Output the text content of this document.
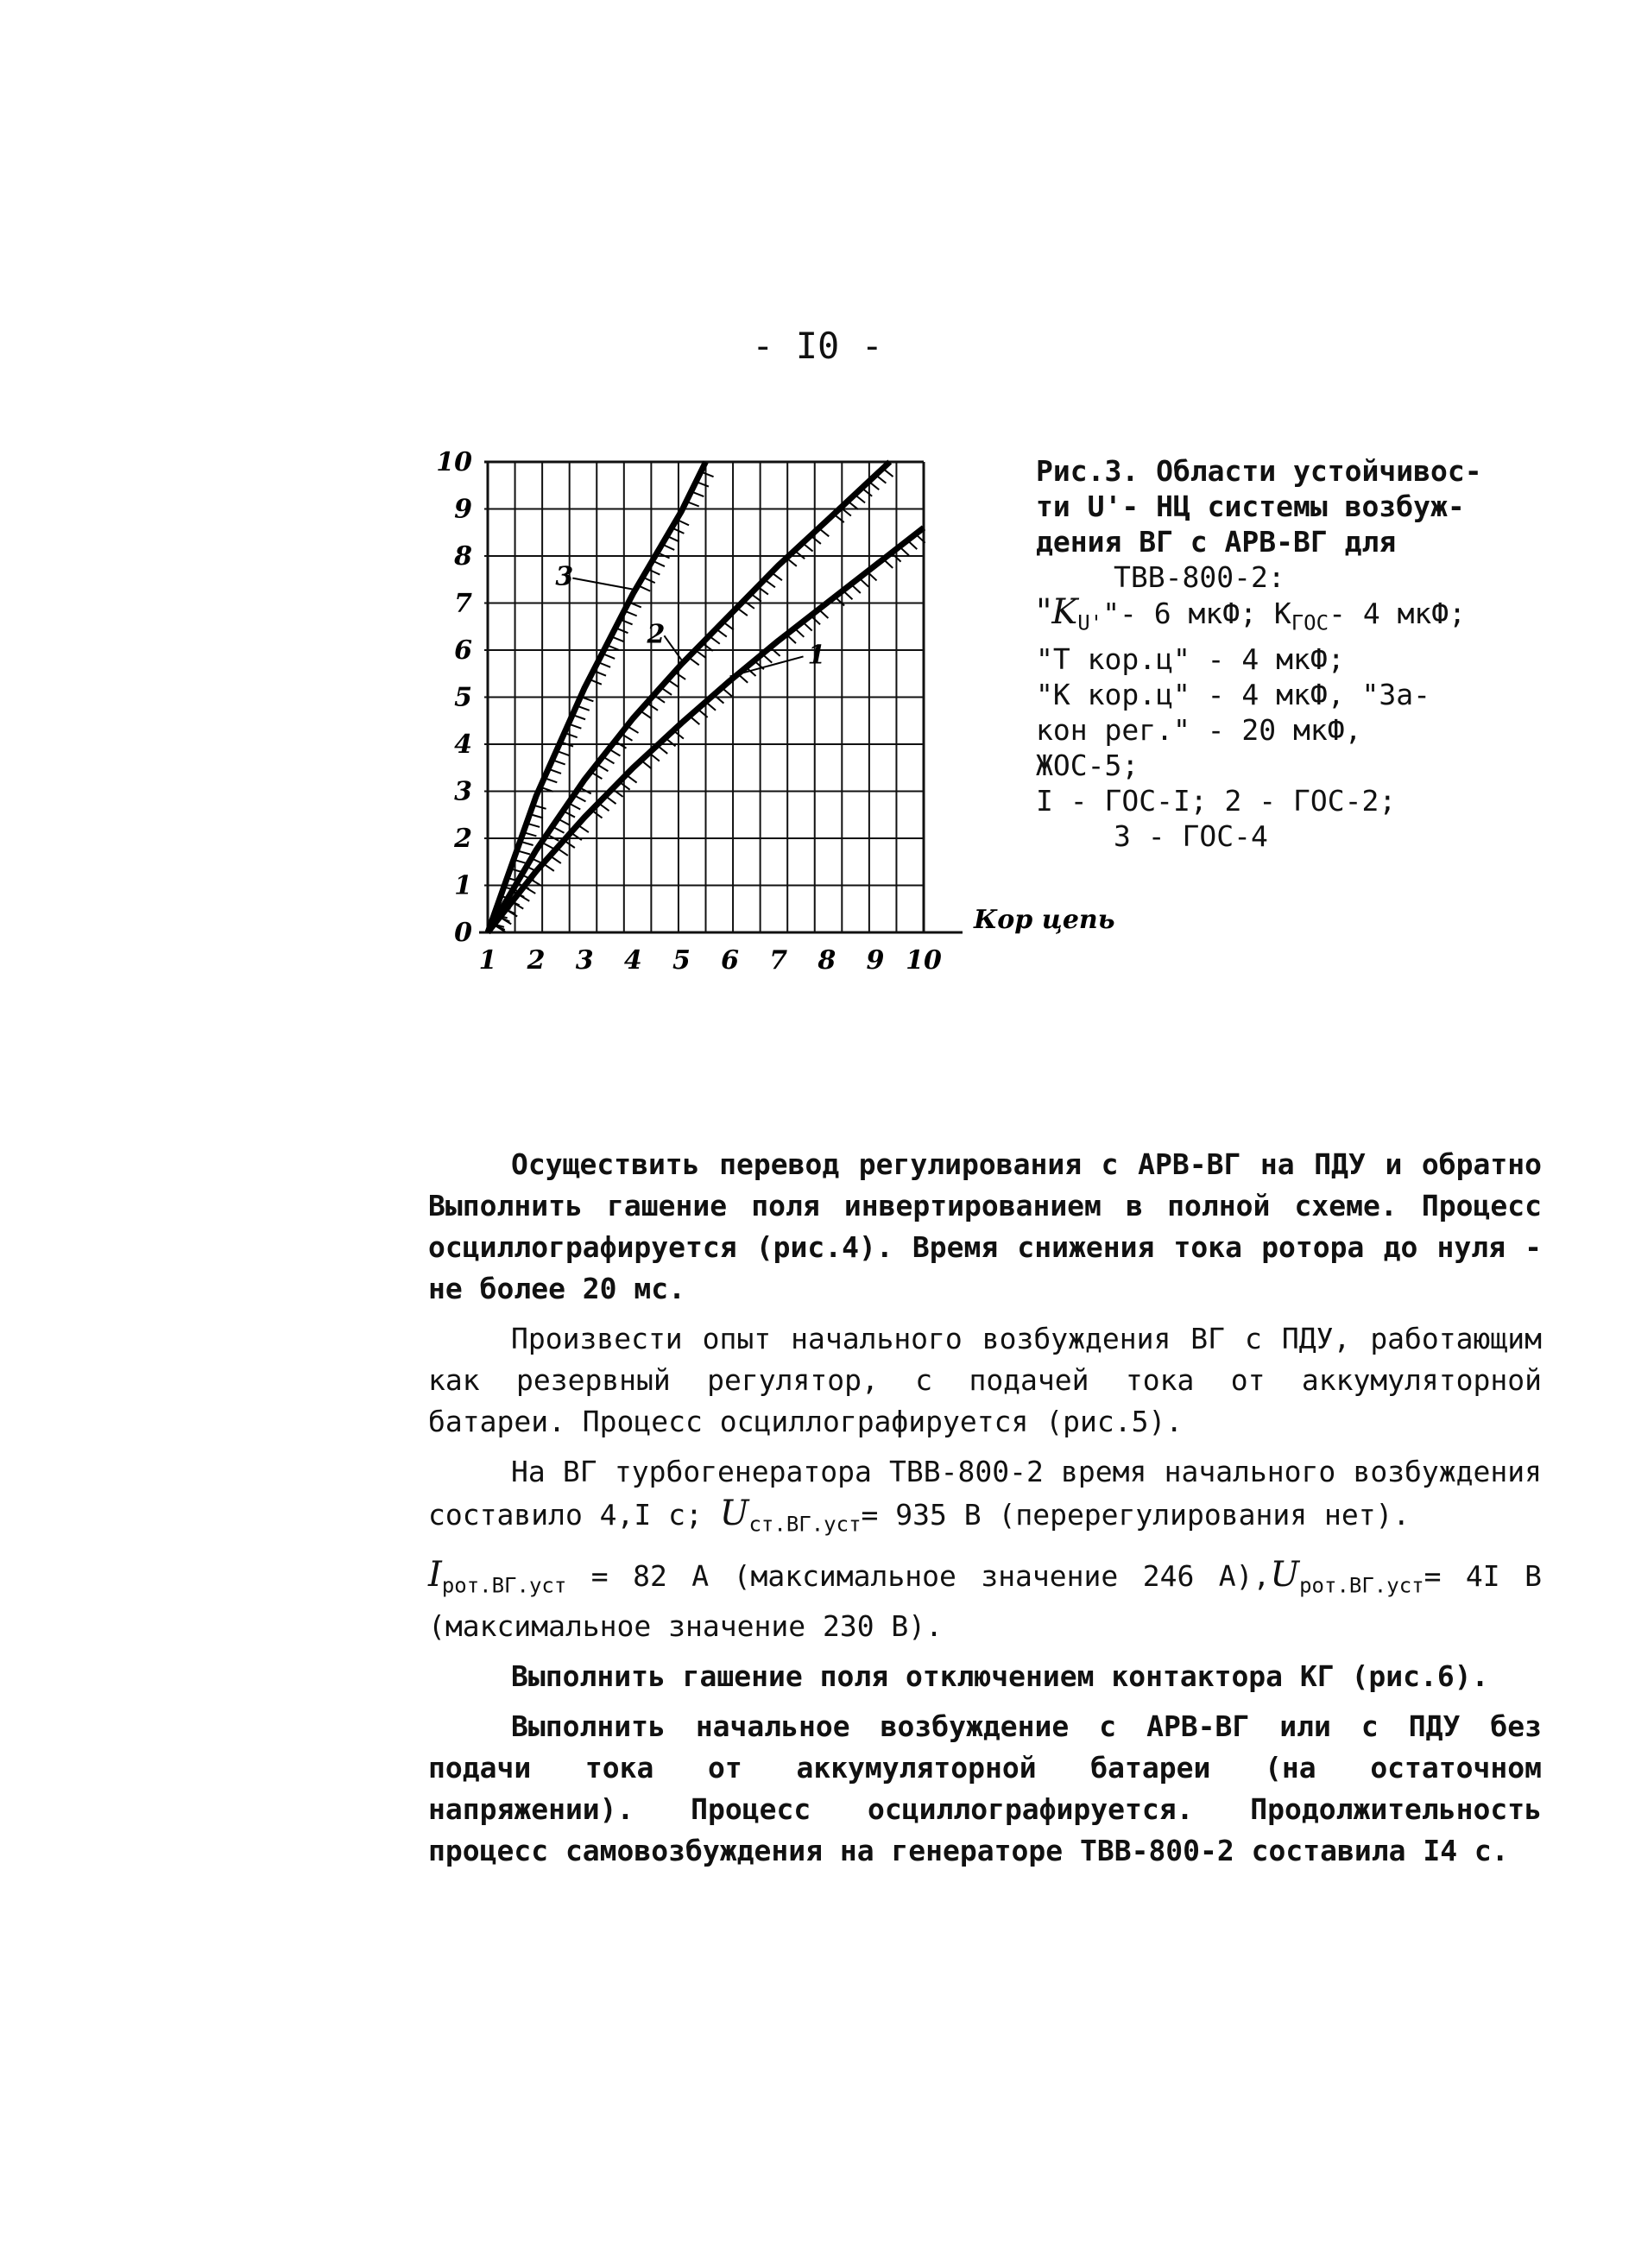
- I0 -
0
1
2
3
4
5
6
7
8
9
10
1 2 3 4 5 6 7 8 9 10
Кор цепь
1
2
3

Рис.3. Области устойчивос-

ти U'- НЦ системы возбуж-

дения ВГ с АРВ-ВГ для

ТВВ-800-2:

"$K_{U'}"-$ 6 мкФ; $K_{ГОС}-$ 4 мкФ;

"Т кор.ц" - 4 мкФ;

"К кор.ц" - 4 мкФ, "За-

кон рег." - 20 мкФ,

ЖОС-5;

I - ГОС-I; 2 - ГОС-2;

3 - ГОС-4

Осуществить перевод регулирования с АРВ-ВГ на ПДУ и обратно Выполнить гашение поля инвертированием в полной схеме. Процесс осциллографируется (рис.4). Время снижения тока ротора до нуля - не более 20 мс.

Произвести опыт начального возбуждения ВГ с ПДУ, работающим как резервный регулятор, с подачей тока от аккумуляторной батареи. Процесс осциллографируется (рис.5).

На ВГ турбогенератора ТВВ-800-2 время начального возбуждения составило 4,I с; $U_{ст.ВГ.уст}= 935$ В (перерегулирования нет).

$I_{рот.ВГ.уст} = 82$ А (максимальное значение 246 $А),U_{рот.ВГ.уст}= 4I$ В (максимальное значение 230 В).

Выполнить гашение поля отключением контактора КГ (рис.6).

Выполнить начальное возбуждение с АРВ-ВГ или с ПДУ без подачи тока от аккумуляторной батареи (на остаточном напряжении). Процесс осциллографируется. Продолжительность процесс самовозбуждения на генераторе ТВВ-800-2 составила I4 с.
